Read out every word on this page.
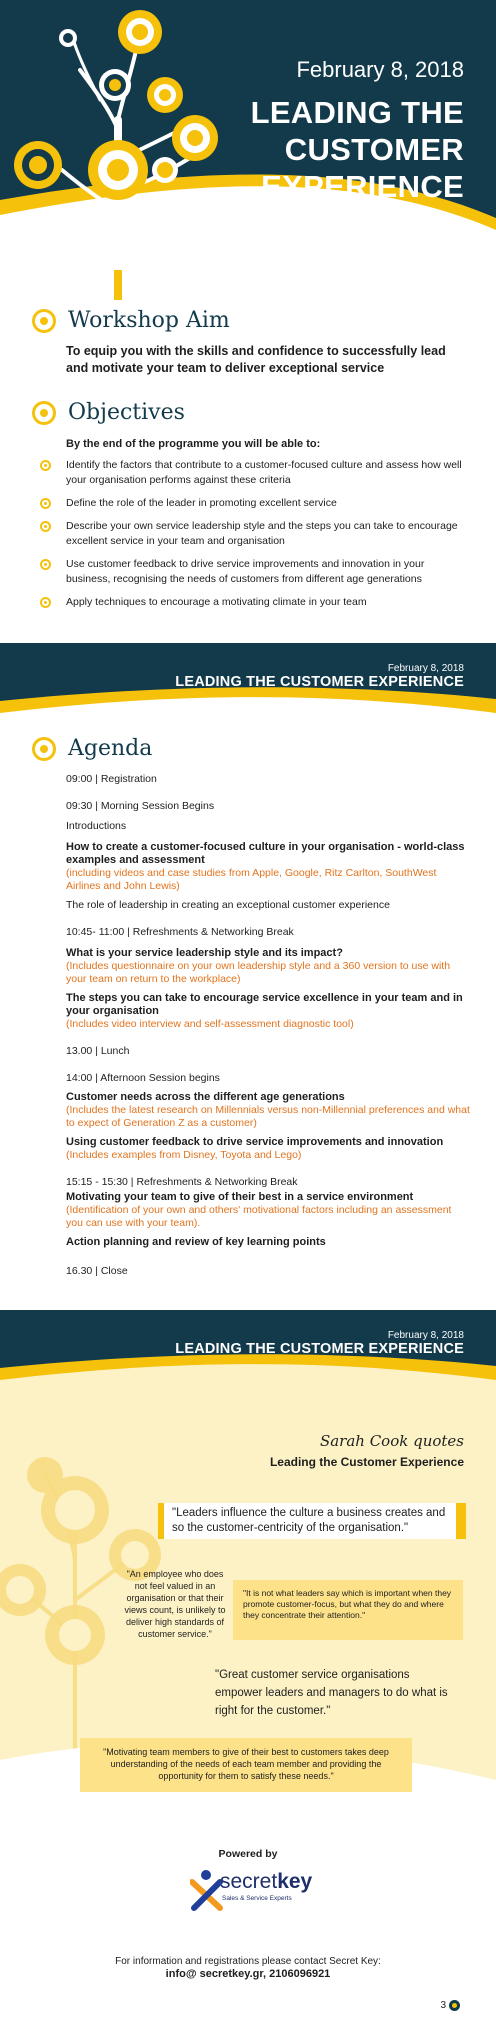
February 8, 2018
LEADING THE
CUSTOMER
EXPERIENCE
Workshop Aim
To equip you with the skills and confidence to successfully lead and motivate your team to deliver exceptional service
Objectives
By the end of the programme you will be able to:
Identify the factors that contribute to a customer-focused culture and assess how well your organisation performs against these criteria
Define the role of the leader in promoting excellent service
Describe your own service leadership style and the steps you can take to encourage excellent service in your team and organisation
Use customer feedback to drive service improvements and innovation in your business, recognising the needs of customers from different age generations
Apply techniques to encourage a motivating climate in your team
February 8, 2018
LEADING THE CUSTOMER EXPERIENCE
Agenda
09:00 | Registration
09:30 | Morning Session Begins
Introductions
How to create a customer-focused culture in your organisation - world-class examples and assessment
(including videos and case studies from Apple, Google, Ritz Carlton, SouthWest Airlines and John Lewis)
The role of leadership in creating an exceptional customer experience
10:45- 11:00 | Refreshments & Networking Break
What is your service leadership style and its impact?
(Includes questionnaire on your own leadership style and a 360 version to use with your team on return to the workplace)
The steps you can take to encourage service excellence in your team and in your organisation
(Includes video interview and self-assessment diagnostic tool)
13.00 | Lunch
14:00 | Afternoon Session begins
Customer needs across the different age generations
(Includes the latest research on Millennials versus non-Millennial preferences and what to expect of Generation Z as a customer)
Using customer feedback to drive service improvements and innovation
(Includes examples from Disney, Toyota and Lego)
15:15 - 15:30 | Refreshments & Networking Break
Motivating your team to give of their best in a service environment
(Identification of your own and others' motivational factors including an assessment you can use with your team).
Action planning and review of key learning points
16.30 | Close
February 8, 2018
LEADING THE CUSTOMER EXPERIENCE
Sarah Cook quotes
Leading the Customer Experience
"Leaders influence the culture a business creates and so the customer-centricity of the organisation."
"An employee who does not feel valued in an organisation or that their views count, is unlikely to deliver high standards of customer service."
"It is not what leaders say which is important when they promote customer-focus, but what they do and where they concentrate their attention."
"Great customer service organisations empower leaders and managers to do what is right for the customer."
"Motivating team members to give of their best to customers takes deep understanding of the needs of each team member and providing the opportunity for them to satisfy these needs."
Powered by
secretkey
Sales & Service Experts
For information and registrations please contact Secret Key:
info@ secretkey.gr, 2106096921
3
